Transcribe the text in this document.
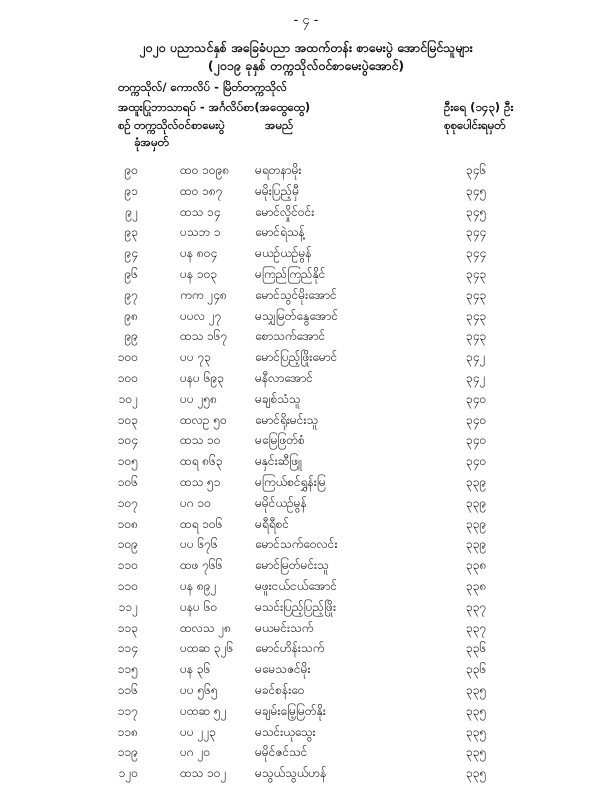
- ၄ -
၂၀၂၀ ပညာသင်နှစ် အခြေခံပညာ အထက်တန်း စာမေးပွဲ အောင်မြင်သူများ
(၂၀၁၉ ခုနှစ် တက္ကသိုလ်ဝင်စာမေးပွဲအောင်)
တက္ကသိုလ်/ ကောလိပ် - မြိတ်တက္ကသိုလ်
အထူးပြုဘာသာရပ် - အင်္ဂလိပ်စာ(အထွေထွေ)	ဦးရေ (၁၄၃) ဦး
စဉ် တက္ကသိုလ်ဝင်စာမေးပွဲ
ခုံအမှတ်
အမည်	စုစုပေါင်းရမှတ်
၉၀	ထဝ ၁၀၉၈ မရတနာမိုး	၃၄၆
၉၁	ထဝ ၁၈၇	မမိုးပြည့်မှီ	၃၄၅
၉၂	ထသ ၁၄	မောင်လှိုင်ဝင်း	၃၄၅
၉၃	ပသဘ ၁	မောင်ရဲသန့်	၃၄၄
၉၄	ပန ၈၀၄	မယဉ်ယဉ်မွန်	၃၄၄
၉၆	ပန ၁၀၃	မကြည်ကြည်နိုင်	၃၄၃
၉၇	ကက ၂၄၈ မောင်သွင်မိုးအောင်	၃၄၃
၉၈	ပပလ ၂၇	မသျှမြတ်နွေအောင်	၃၄၃
၉၉	ထသ ၁၆၇ စောသက်အောင်	၃၄၃
၁၀၀	ပပ ၇၃	မောင်ပြည့်ဖြိုးမောင်	၃၄၂
၁၀၀	ပနပ ၆၉၃	မနီလာအောင်	၃၄၂
၁၀၂	ပပ ၂၅၈	မချစ်သံသူ	၃၄၀
၁၀၃	ထလဥ ၅၀ မောင်ရိုးမင်းသူ	၃၄၀
၁၀၄	ထသ ၁၀	မမြေဖြတ်စံ	၃၄၀
၁၀၅	ထရ ၈၆၃	မနှင်းဆီဖြူ	၃၄၀
၁၀၆	ထသ ၅၁	မကြယ်စင်ရွှန်းမြ	၃၃၉
၁၀၇	ပဂ ၁၀	မမိုင်ယဉ်မွန်	၃၃၉
၁၀၈	ထရ ၁၀၆	မရီရီစင်	၃၃၉
၁၀၉	ပပ ၆၇၆	မောင်သက်ဝေလင်း	၃၃၉
၁၁၀	ထဖ ၇၆၆	မောင်မြတ်မင်းသူ	၃၃၈
၁၁၀	ပန ၈၉၂	မဖူးငယ်ငယ်အောင်	၃၃၈
၁၁၂	ပနပ ၆၀	မသင်းပြည့်ပြည့်ဖြိုး	၃၃၇
၁၁၃	ထလသ ၂၈ မယမင်းသက်	၃၃၇
၁၁၄	ပထဆ ၃၂၆ မောင်ဟိန်းသက်	၃၃၆
၁၁၅	ပန ၃၆	မမေသဇင်မိုး	၃၃၆
၁၁၆	ပပ ၅၆၅	မခင်စန်းဝေ	၃၃၅
၁၁၇	ပထဆ ၅၂ မချမ်းမြေ့မြတ်နိုး	၃၃၅
၁၁၈	ပပ ၂၂၃	မသင်းယုသွေး	၃၃၅
၁၁၉	ပဂ ၂၀	မမိုင်ဇင်သင်	၃၃၅
၁၂၀	ထသ ၁၀၂ မသွယ်သွယ်ဟန်	၃၃၅
